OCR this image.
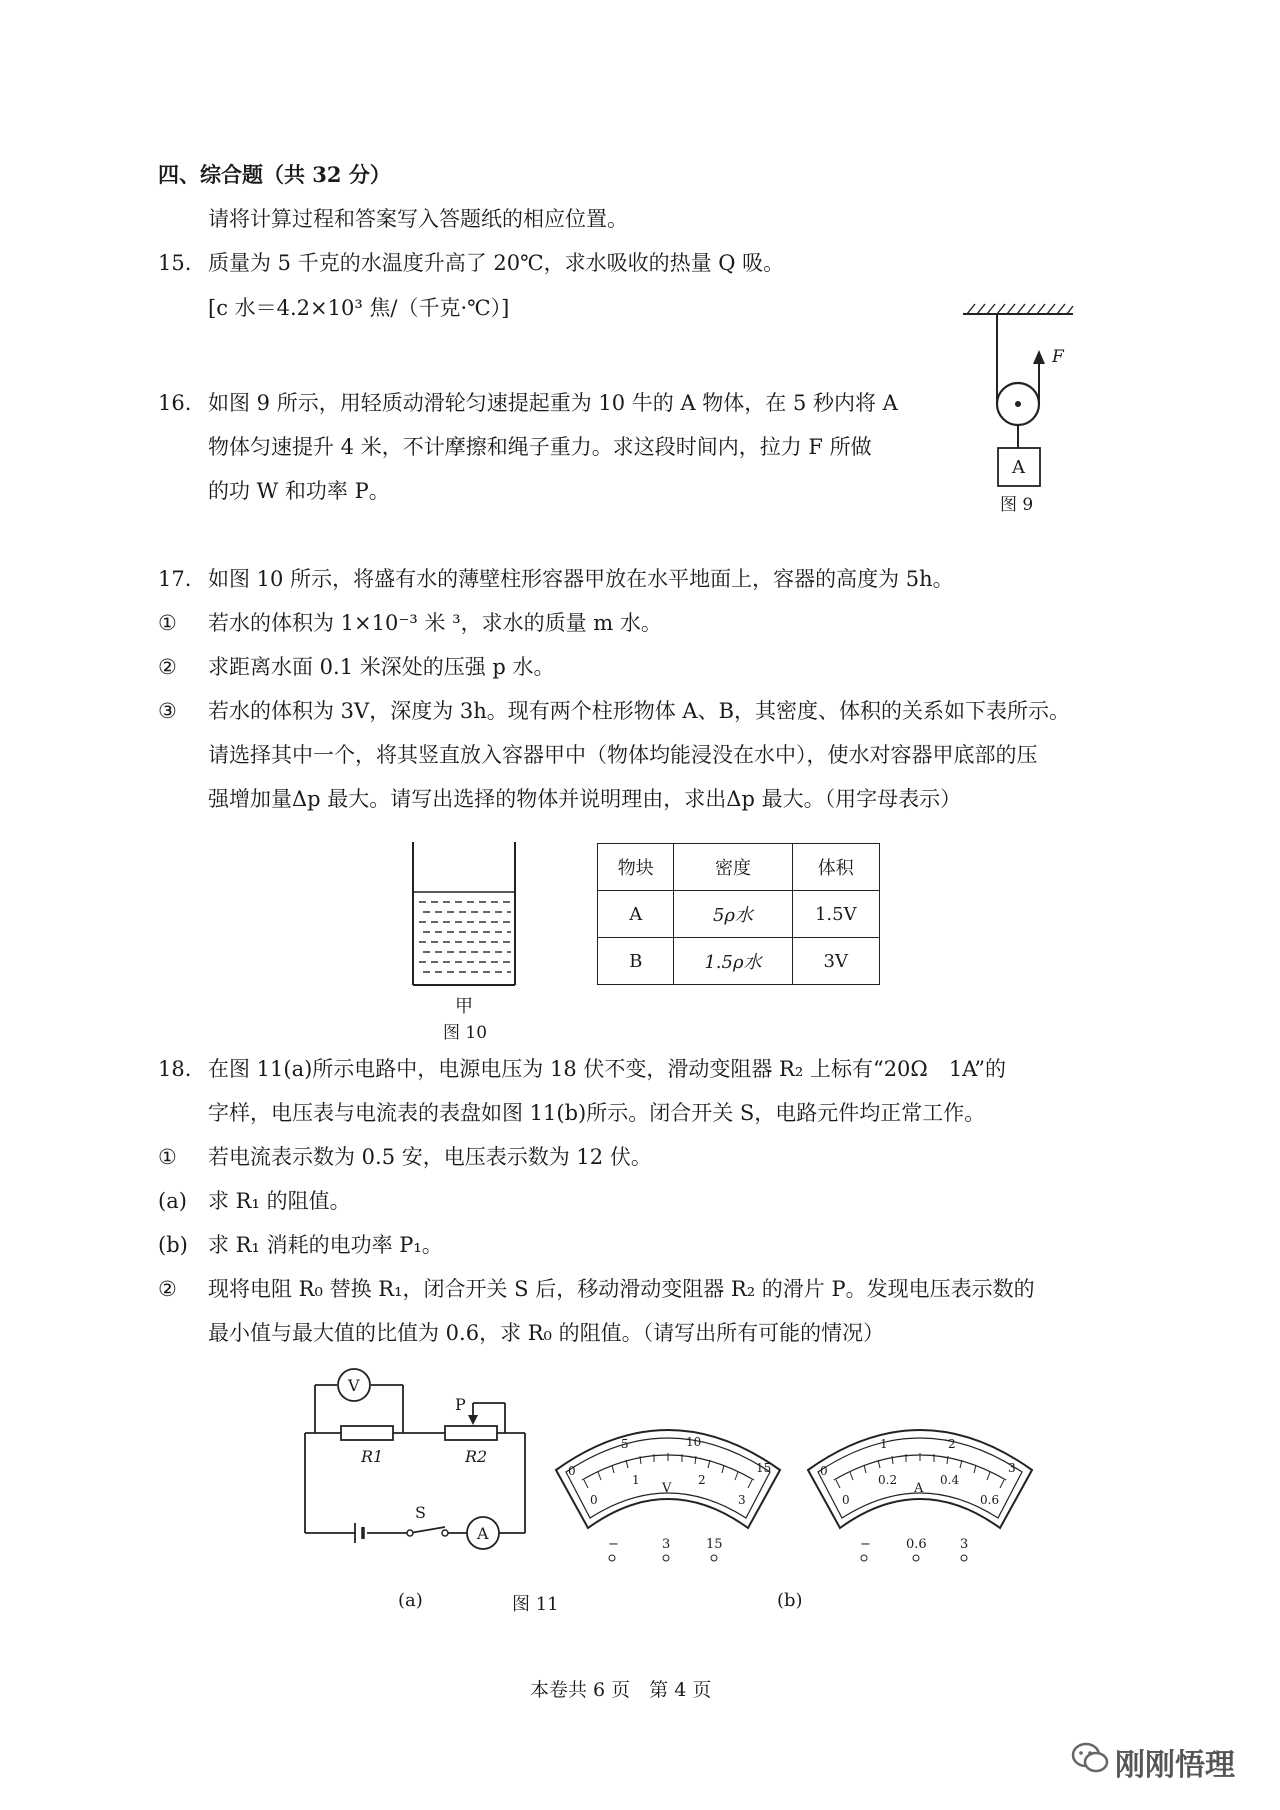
四、综合题（共 32 分）
请将计算过程和答案写入答题纸的相应位置。
15. 质量为 5 千克的水温度升高了 20℃，求水吸收的热量 Q 吸。
[c 水＝4.2×10³ 焦/（千克·℃）]
16. 如图 9 所示，用轻质动滑轮匀速提起重为 10 牛的 A 物体，在 5 秒内将 A
物体匀速提升 4 米，不计摩擦和绳子重力。求这段时间内，拉力 F 所做
的功 W 和功率 P。
F
A
图 9
17. 如图 10 所示，将盛有水的薄壁柱形容器甲放在水平地面上，容器的高度为 5h。
① 若水的体积为 1×10⁻³ 米 ³，求水的质量 m 水。
② 求距离水面 0.1 米深处的压强 p 水。
③ 若水的体积为 3V，深度为 3h。现有两个柱形物体 A、B，其密度、体积的关系如下表所示。
请选择其中一个，将其竖直放入容器甲中（物体均能浸没在水中），使水对容器甲底部的压
强增加量Δp 最大。请写出选择的物体并说明理由，求出Δp 最大。（用字母表示）
甲
图 10
物块	密度	体积
A	5ρ水	1.5V
B	1.5ρ水	3V
18. 在图 11(a)所示电路中，电源电压为 18 伏不变，滑动变阻器 R₂ 上标有“20Ω　1A”的
字样，电压表与电流表的表盘如图 11(b)所示。闭合开关 S，电路元件均正常工作。
① 若电流表示数为 0.5 安，电压表示数为 12 伏。
(a) 求 R₁ 的阻值。
(b) 求 R₁ 消耗的电功率 P₁。
② 现将电阻 R₀ 替换 R₁，闭合开关 S 后，移动滑动变阻器 R₂ 的滑片 P。发现电压表示数的
最小值与最大值的比值为 0.6，求 R₀ 的阻值。（请写出所有可能的情况）
V
A
R1	R2
P
S
0
5	10
15
0
1	2
3
V
−	3	15
0
1	2
3
0
0.2	0.4
0.6
A
−	0.6	3
(a)	图 11	(b)
本卷共 6 页　第 4 页
刚刚悟理
